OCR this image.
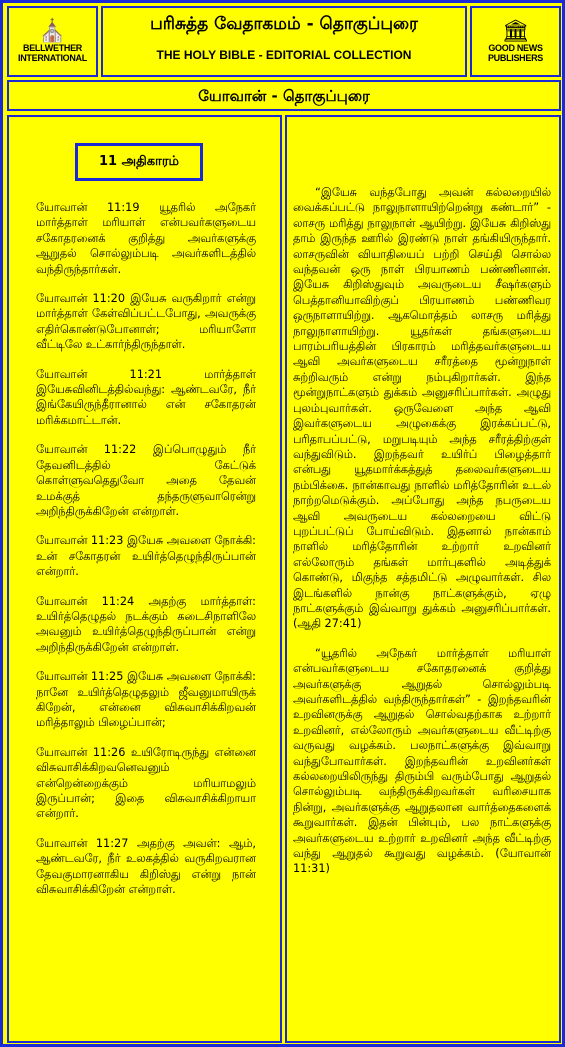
⛪
BELLWETHER INTERNATIONAL
பரிசுத்த வேதாகமம் - தொகுப்புரை
THE HOLY BIBLE - EDITORIAL COLLECTION
🏛
GOOD NEWS PUBLISHERS
யோவான் - தொகுப்புரை
11 அதிகாரம்

யோவான் 11:19 யூதரில் அநேகர் மார்த்தாள் மரியாள் என்பவர்களுடைய சகோதரனைக் குறித்து அவர்களுக்கு ஆறுதல் சொல்லும்படி அவர்களிடத்தில் வந்திருந்தார்கள்.

யோவான் 11:20 இயேசு வருகிறார் என்று மார்த்தாள் கேள்விப்பட்டபோது, அவருக்கு எதிர்கொண்டுபோனாள்; மரியாளோ வீட்டிலே உட்கார்ந்திருந்தாள்.

யோவான் 11:21 மார்த்தாள் இயேசுவினிடத்தில்வந்து: ஆண்டவரே, நீர் இங்கேயிருந்தீரானால் என் சகோதரன் மரிக்கமாட்டான்.

யோவான் 11:22 இப்பொழுதும் நீர் தேவனிடத்தில் கேட்டுக் கொள்ளுவதெதுவோ அதை தேவன் உமக்குத் தந்தருளுவாரென்று அறிந்திருக்கிறேன் என்றாள்.

யோவான் 11:23 இயேசு அவளை நோக்கி: உன் சகோதரன் உயிர்த்தெழுந்திருப்பான் என்றார்.

யோவான் 11:24 அதற்கு மார்த்தாள்: உயிர்த்தெழுதல் நடக்கும் கடைசிநாளிலே அவனும் உயிர்த்தெழுந்திருப்பான் என்று அறிந்திருக்கிறேன் என்றாள்.

யோவான் 11:25 இயேசு அவளை நோக்கி: நானே உயிர்த்தெழுதலும் ஜீவனுமாயிருக் கிறேன், என்னை விசுவாசிக்கிறவன் மரித்தாலும் பிழைப்பான்;

யோவான் 11:26 உயிரோடிருந்து என்னை விசுவாசிக்கிறவனெவனும் என்றென்றைக்கும் மரியாமலும் இருப்பான்; இதை விசுவாசிக்கிறாயா என்றார்.

யோவான் 11:27 அதற்கு அவள்: ஆம், ஆண்டவரே, நீர் உலகத்தில் வருகிறவரான தேவகுமாரனாகிய கிறிஸ்து என்று நான் விசுவாசிக்கிறேன் என்றாள்.

“இயேசு வந்தபோது அவன் கல்லறையில் வைக்கப்பட்டு நாலுநாளாயிற்றென்று கண்டார்” - லாசரு மரித்து நாலுநாள் ஆயிற்று. இயேசு கிறிஸ்து தாம் இருந்த ஊரில் இரண்டு நாள் தங்கியிருந்தார். லாசருவின் வியாதியைப் பற்றி செய்தி சொல்ல வந்தவன் ஒரு நாள் பிரயாணம் பண்ணினான். இயேசு கிறிஸ்துவும் அவருடைய சீஷர்களும் பெத்தானியாவிற்குப் பிரயாணம் பண்ணிவர ஒருநாளாயிற்று. ஆகமொத்தம் லாசரு மரித்து நாலுநாளாயிற்று. யூதர்கள் தங்களுடைய பாரம்பரியத்தின் பிரகாரம் மரித்தவர்களுடைய ஆவி அவர்களுடைய சரீரத்தை மூன்றுநாள் சுற்றிவரும் என்று நம்புகிறார்கள். இந்த மூன்றுநாட்களும் துக்கம் அனுசரிப்பார்கள். அழுது புலம்புவார்கள். ஒருவேளை அந்த ஆவி இவர்களுடைய அழுகைக்கு இரக்கப்பட்டு, பரிதாபப்பட்டு, மறுபடியும் அந்த சரீரத்திற்குள் வந்துவிடும். இறந்தவர் உயிர்ப் பிழைத்தார் என்பது யூதமார்க்கத்துத் தலைவர்களுடைய நம்பிக்கை. நான்காவது நாளில் மரித்தோரின் உடல் நாற்றமெடுக்கும். அப்போது அந்த நபருடைய ஆவி அவருடைய கல்லறையை விட்டு புறப்பட்டுப் போய்விடும். இதனால் நான்காம் நாளில் மரித்தோரின் உற்றார் உறவினர் எல்லோரும் தங்கள் மார்புகளில் அடித்துக் கொண்டு, மிகுந்த சத்தமிட்டு அழுவார்கள். சில இடங்களில் நான்கு நாட்களுக்கும், ஏழு நாட்களுக்கும் இவ்வாறு துக்கம் அனுசரிப்பார்கள். (ஆதி 27:41)

“யூதரில் அநேகர் மார்த்தாள் மரியாள் என்பவர்களுடைய சகோதரனைக் குறித்து அவர்களுக்கு ஆறுதல் சொல்லும்படி அவர்களிடத்தில் வந்திருந்தார்கள்” - இறந்தவரின் உறவினருக்கு ஆறுதல் சொல்வதற்காக உற்றார் உறவினர், எல்லோரும் அவர்களுடைய வீட்டிற்கு வருவது வழக்கம். பலநாட்களுக்கு இவ்வாறு வந்துபோவார்கள். இறந்தவரின் உறவினர்கள் கல்லறையிலிருந்து திரும்பி வரும்போது ஆறுதல் சொல்லும்படி வந்திருக்கிறவர்கள் வரிசையாக நின்று, அவர்களுக்கு ஆறுதலான வார்த்தைகளைக் கூறுவார்கள். இதன் பின்பும், பல நாட்களுக்கு அவர்களுடைய உற்றார் உறவினர் அந்த வீட்டிற்கு வந்து ஆறுதல் கூறுவது வழக்கம். (யோவான் 11:31)
